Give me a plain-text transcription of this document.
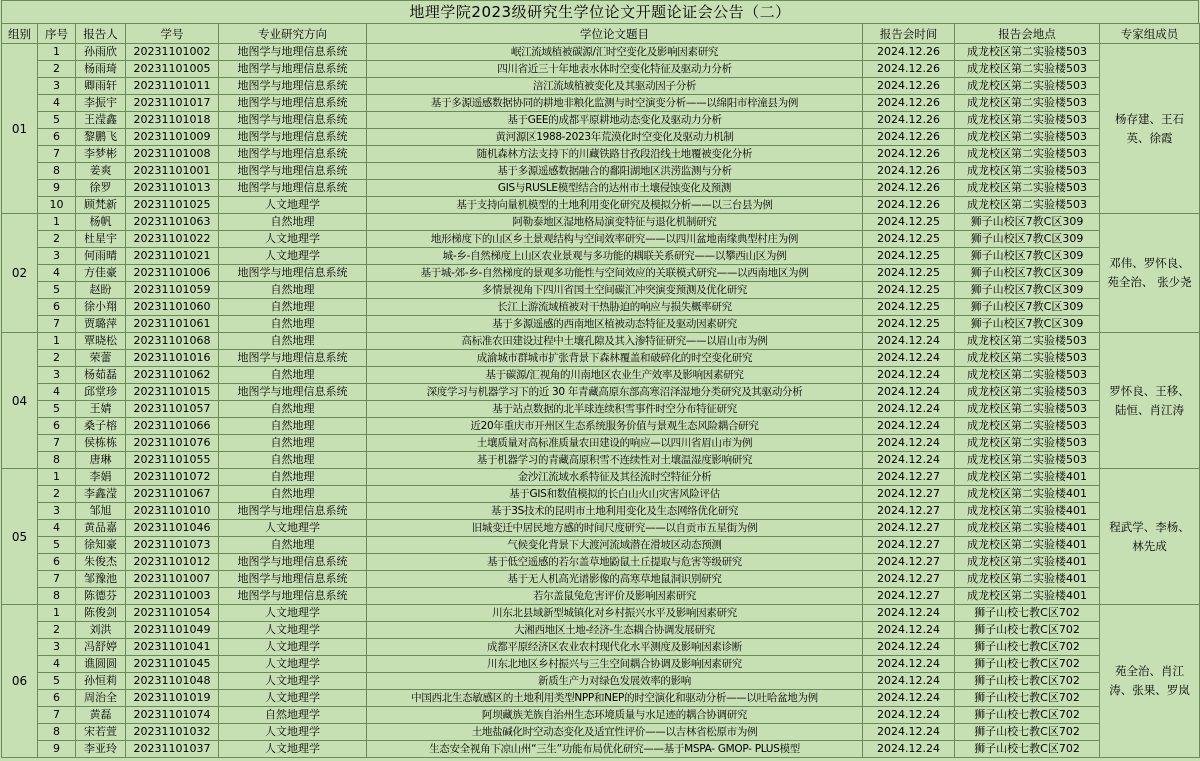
地理学院2023级研究生学位论文开题论证会公告（二）
组别	序号	报告人	学号	专业研究方向	学位论文题目	报告会时间	报告会地点	专家组成员
01	1	孙雨欣	20231101002	地图学与地理信息系统	岷江流域植被碳源/汇时空变化及影响因素研究	2024.12.26	成龙校区第二实验楼503	杨存建、王石英、徐霞
	2	杨雨琦	20231101005	地图学与地理信息系统	四川省近三十年地表水体时空变化特征及驱动力分析	2024.12.26	成龙校区第二实验楼503	
	3	卿雨轩	20231101011	地图学与地理信息系统	涪江流域植被变化及其驱动因子分析	2024.12.26	成龙校区第二实验楼503	
	4	李振宇	20231101017	地图学与地理信息系统	基于多源遥感数据协同的耕地非粮化监测与时空演变分析——以绵阳市梓潼县为例	2024.12.26	成龙校区第二实验楼503	
	5	王滢鑫	20231101018	地图学与地理信息系统	基于GEE的成都平原耕地动态变化及驱动力分析	2024.12.26	成龙校区第二实验楼503	
	6	黎鹏飞	20231101009	地图学与地理信息系统	黄河源区1988-2023年荒漠化时空变化及驱动力机制	2024.12.26	成龙校区第二实验楼503	
	7	李梦彬	20231101008	地图学与地理信息系统	随机森林方法支持下的川藏铁路甘孜段沿线土地覆被变化分析	2024.12.26	成龙校区第二实验楼503	
	8	姜爽	20231101001	地图学与地理信息系统	基于多源遥感数据融合的鄱阳湖地区洪涝监测与分析	2024.12.26	成龙校区第二实验楼503	
	9	徐罗	20231101013	地图学与地理信息系统	GIS与RUSLE模型结合的达州市土壤侵蚀变化及预测	2024.12.26	成龙校区第二实验楼503	
	10	顾梵新	20231101025	人文地理学	基于支持向量机模型的土地利用变化研究及模拟分析——以三台县为例	2024.12.26	成龙校区第二实验楼503	
02	1	杨帆	20231101063	自然地理	阿勒泰地区湿地格局演变特征与退化机制研究	2024.12.25	狮子山校区7教C区309	邓伟、罗怀良、苑全治、 张少尧
	2	杜星宇	20231101022	人文地理学	地形梯度下的山区乡土景观结构与空间效率研究——以四川盆地南缘典型村庄为例	2024.12.25	狮子山校区7教C区309	
	3	何雨晴	20231101021	人文地理学	城-乡-自然梯度上山区农业景观与多功能的耦联关系研究——以攀西山区为例	2024.12.25	狮子山校区7教C区309	
	4	方佳豪	20231101006	地图学与地理信息系统	基于城-郊-乡-自然梯度的景观多功能性与空间效应的关联模式研究——以西南地区为例	2024.12.25	狮子山校区7教C区309	
	5	赵盼	20231101059	自然地理	多情景视角下四川省国土空间碳汇冲突演变预测及优化研究	2024.12.25	狮子山校区7教C区309	
	6	徐小翔	20231101060	自然地理	长江上游流域植被对干热胁迫的响应与损失概率研究	2024.12.25	狮子山校区7教C区309	
	7	贾璐萍	20231101061	自然地理	基于多源遥感的西南地区植被动态特征及驱动因素研究	2024.12.25	狮子山校区7教C区309	
04	1	覃晓松	20231101068	自然地理	高标准农田建设过程中土壤孔隙及其入渗特征研究——以眉山市为例	2024.12.24	成龙校区第二实验楼503	罗怀良、王移、陆恒、肖江涛
	2	荣蕾	20231101016	地图学与地理信息系统	成渝城市群城市扩张背景下森林覆盖和破碎化的时空变化研究	2024.12.24	成龙校区第二实验楼503	
	3	杨茹磊	20231101062	自然地理	基于碳源/汇视角的川南地区农业生产效率及影响因素研究	2024.12.24	成龙校区第二实验楼503	
	4	邱堂珍	20231101015	地图学与地理信息系统	深度学习与机器学习下的近 30 年青藏高原东部高寒沼泽湿地分类研究及其驱动分析	2024.12.24	成龙校区第二实验楼503	
	5	王婧	20231101057	自然地理	基于站点数据的北半球连续积雪事件时空分布特征研究	2024.12.24	成龙校区第二实验楼503	
	6	桑子榕	20231101066	自然地理	近20年重庆市开州区生态系统服务价值与景观生态风险耦合研究	2024.12.24	成龙校区第二实验楼503	
	7	侯栋栋	20231101076	自然地理	土壤质量对高标准质量农田建设的响应—以四川省眉山市为例	2024.12.24	成龙校区第二实验楼503	
	8	唐琳	20231101055	自然地理	基于机器学习的青藏高原积雪不连续性对土壤温湿度影响研究	2024.12.24	成龙校区第二实验楼503	
05	1	李娟	20231101072	自然地理	金沙江流域水系特征及其径流时空特征分析	2024.12.27	成龙校区第二实验楼401	程武学、李杨、林先成
	2	李鑫滢	20231101067	自然地理	基于GIS和数值模拟的长白山火山灾害风险评估	2024.12.27	成龙校区第二实验楼401	
	3	邹旭	20231101010	地图学与地理信息系统	基于3S技术的昆明市土地利用变化及生态网络优化研究	2024.12.27	成龙校区第二实验楼401	
	4	黄品嘉	20231101046	人文地理学	旧城变迁中居民地方感的时间尺度研究——以自贡市五星街为例	2024.12.27	成龙校区第二实验楼401	
	5	徐知豪	20231101073	自然地理	气候变化背景下大渡河流域潜在滑坡区动态预测	2024.12.27	成龙校区第二实验楼401	
	6	朱俊杰	20231101012	地图学与地理信息系统	基于低空遥感的若尔盖草地鼢鼠土丘提取与危害等级研究	2024.12.27	成龙校区第二实验楼401	
	7	邹豫池	20231101007	地图学与地理信息系统	基于无人机高光谱影像的高寒草地鼠洞识别研究	2024.12.27	成龙校区第二实验楼401	
	8	陈德芬	20231101003	地图学与地理信息系统	若尔盖鼠兔危害评价及影响因素研究	2024.12.27	成龙校区第二实验楼401	
06	1	陈俊剑	20231101054	人文地理学	川东北县域新型城镇化对乡村振兴水平及影响因素研究	2024.12.24	狮子山校七教C区702	苑全治、肖江涛、张果、罗岚
	2	刘洪	20231101049	人文地理学	大湘西地区土地-经济-生态耦合协调发展研究	2024.12.24	狮子山校七教C区702	
	3	冯舒婷	20231101041	人文地理学	成都平原经济区农业农村现代化水平测度及影响因素诊断	2024.12.24	狮子山校七教C区702	
	4	谯圆圆	20231101045	人文地理学	川东北地区乡村振兴与三生空间耦合协调及影响因素研究	2024.12.24	狮子山校七教C区702	
	5	孙恒莉	20231101048	人文地理学	新质生产力对绿色发展效率的影响	2024.12.24	狮子山校七教C区702	
	6	周治全	20231101019	人文地理学	中国西北生态敏感区的土地利用类型NPP和NEP的时空演化和驱动分析——以吐哈盆地为例	2024.12.24	狮子山校七教C区702	
	7	黄磊	20231101074	自然地理学	阿坝藏族羌族自治州生态环境质量与水足迹的耦合协调研究	2024.12.24	狮子山校七教C区702	
	8	宋若萱	20231101032	人文地理学	土地盐碱化时空动态变化及适宜性评价——以吉林省松原市为例	2024.12.24	狮子山校七教C区702	
	9	李亚玲	20231101037	人文地理学	生态安全视角下凉山州“三生”功能布局优化研究——基于MSPA- GMOP- PLUS模型	2024.12.24	狮子山校七教C区702	
